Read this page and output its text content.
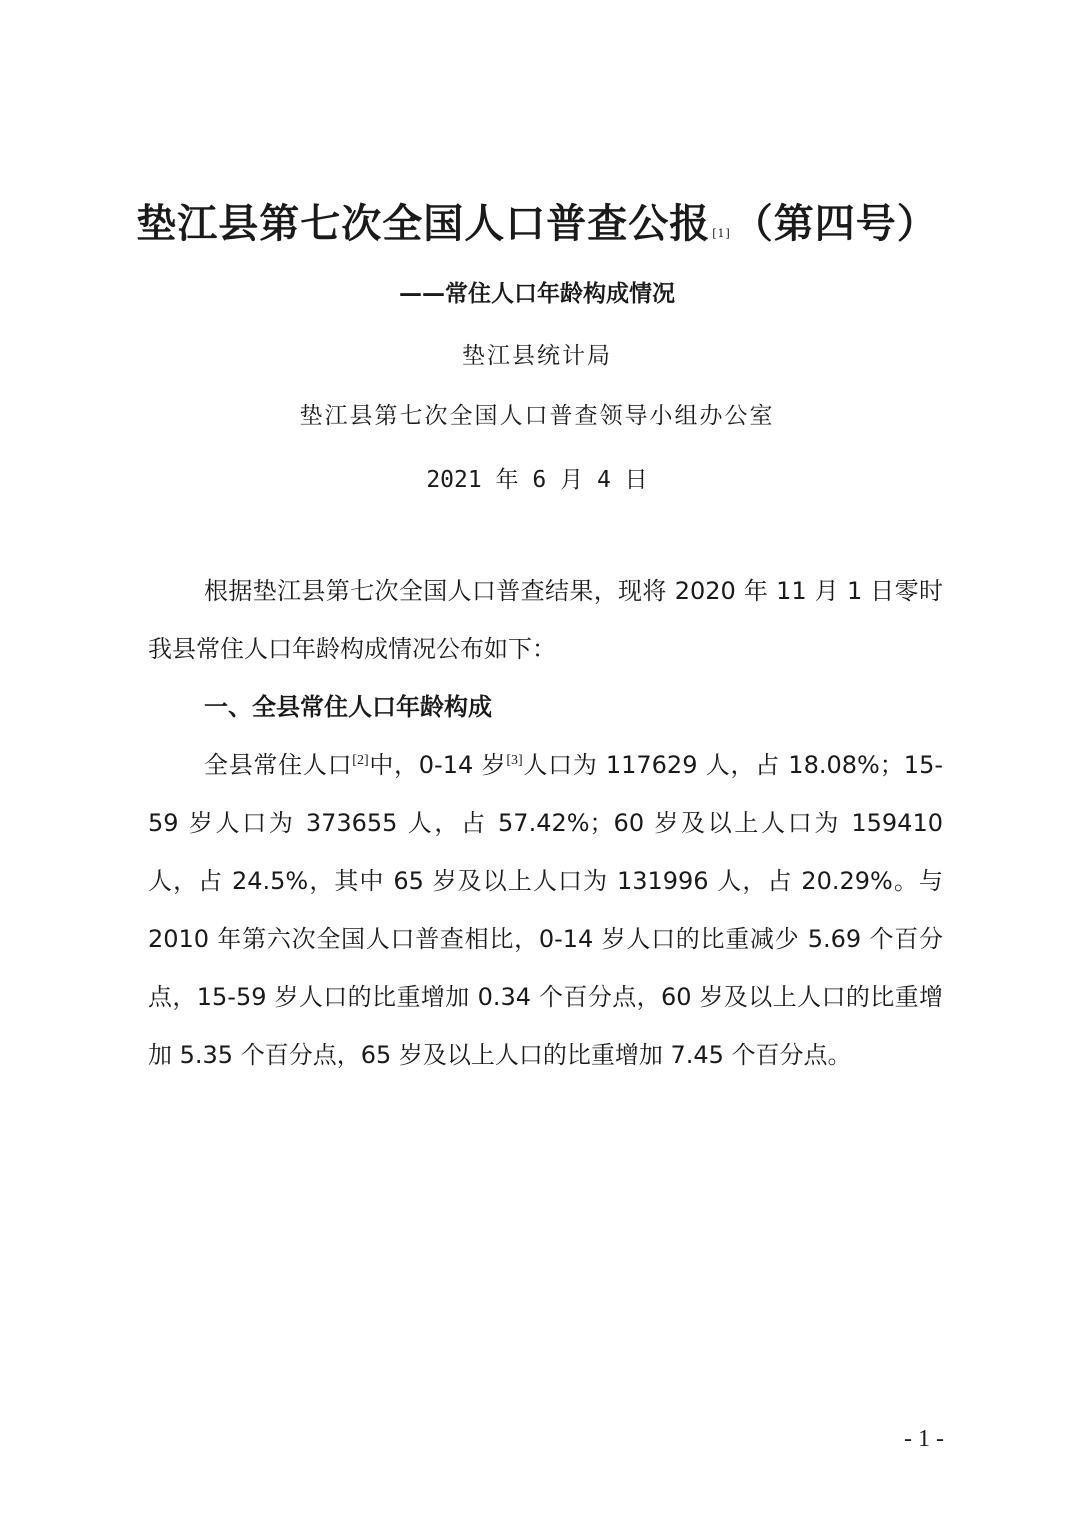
垫江县第七次全国人口普查公报 [1]（第四号）
——常住人口年龄构成情况
垫江县统计局
垫江县第七次全国人口普查领导小组办公室
2021 年 6 月 4 日
根据垫江县第七次全国人口普查结果，现将 2020 年 11 月 1 日零时我县常住人口年龄构成情况公布如下：
一、全县常住人口年龄构成
全县常住人口[2]中，0-14 岁[3]人口为 117629 人，占 18.08%；15-59 岁人口为 373655 人，占 57.42%；60 岁及以上人口为 159410 人，占 24.5%，其中 65 岁及以上人口为 131996 人，占 20.29%。与 2010 年第六次全国人口普查相比，0-14 岁人口的比重减少 5.69 个百分点，15-59 岁人口的比重增加 0.34 个百分点，60 岁及以上人口的比重增加 5.35 个百分点，65 岁及以上人口的比重增加 7.45 个百分点。
- 1 -
